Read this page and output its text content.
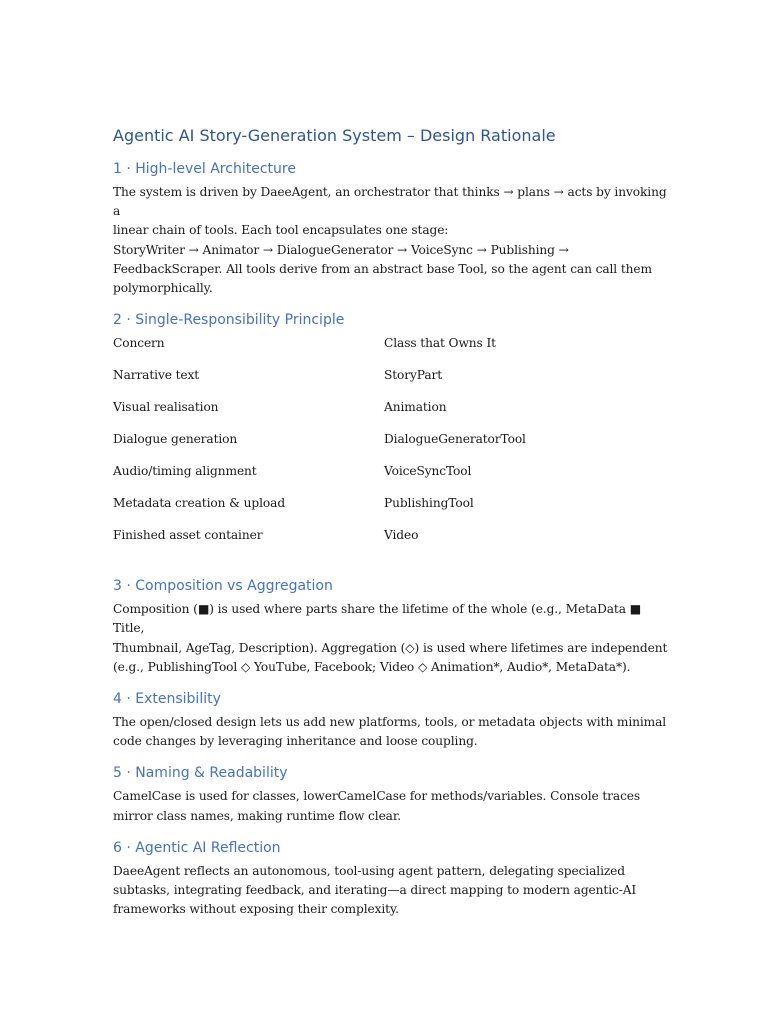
Agentic AI Story-Generation System – Design Rationale
1 · High-level Architecture

The system is driven by DaeeAgent, an orchestrator that thinks → plans → acts by invoking a
linear chain of tools. Each tool encapsulates one stage:
StoryWriter → Animator → DialogueGenerator → VoiceSync → Publishing →
FeedbackScraper. All tools derive from an abstract base Tool, so the agent can call them
polymorphically.

2 · Single-Responsibility Principle
Concern	Class that Owns It
Narrative text	StoryPart
Visual realisation	Animation
Dialogue generation	DialogueGeneratorTool
Audio/timing alignment	VoiceSyncTool
Metadata creation & upload	PublishingTool
Finished asset container	Video
3 · Composition vs Aggregation

Composition (■) is used where parts share the lifetime of the whole (e.g., MetaData ■ Title,
Thumbnail, AgeTag, Description). Aggregation (◇) is used where lifetimes are independent
(e.g., PublishingTool ◇ YouTube, Facebook; Video ◇ Animation*, Audio*, MetaData*).

4 · Extensibility

The open/closed design lets us add new platforms, tools, or metadata objects with minimal
code changes by leveraging inheritance and loose coupling.

5 · Naming & Readability

CamelCase is used for classes, lowerCamelCase for methods/variables. Console traces
mirror class names, making runtime flow clear.

6 · Agentic AI Reflection

DaeeAgent reflects an autonomous, tool-using agent pattern, delegating specialized
subtasks, integrating feedback, and iterating—a direct mapping to modern agentic-AI
frameworks without exposing their complexity.
